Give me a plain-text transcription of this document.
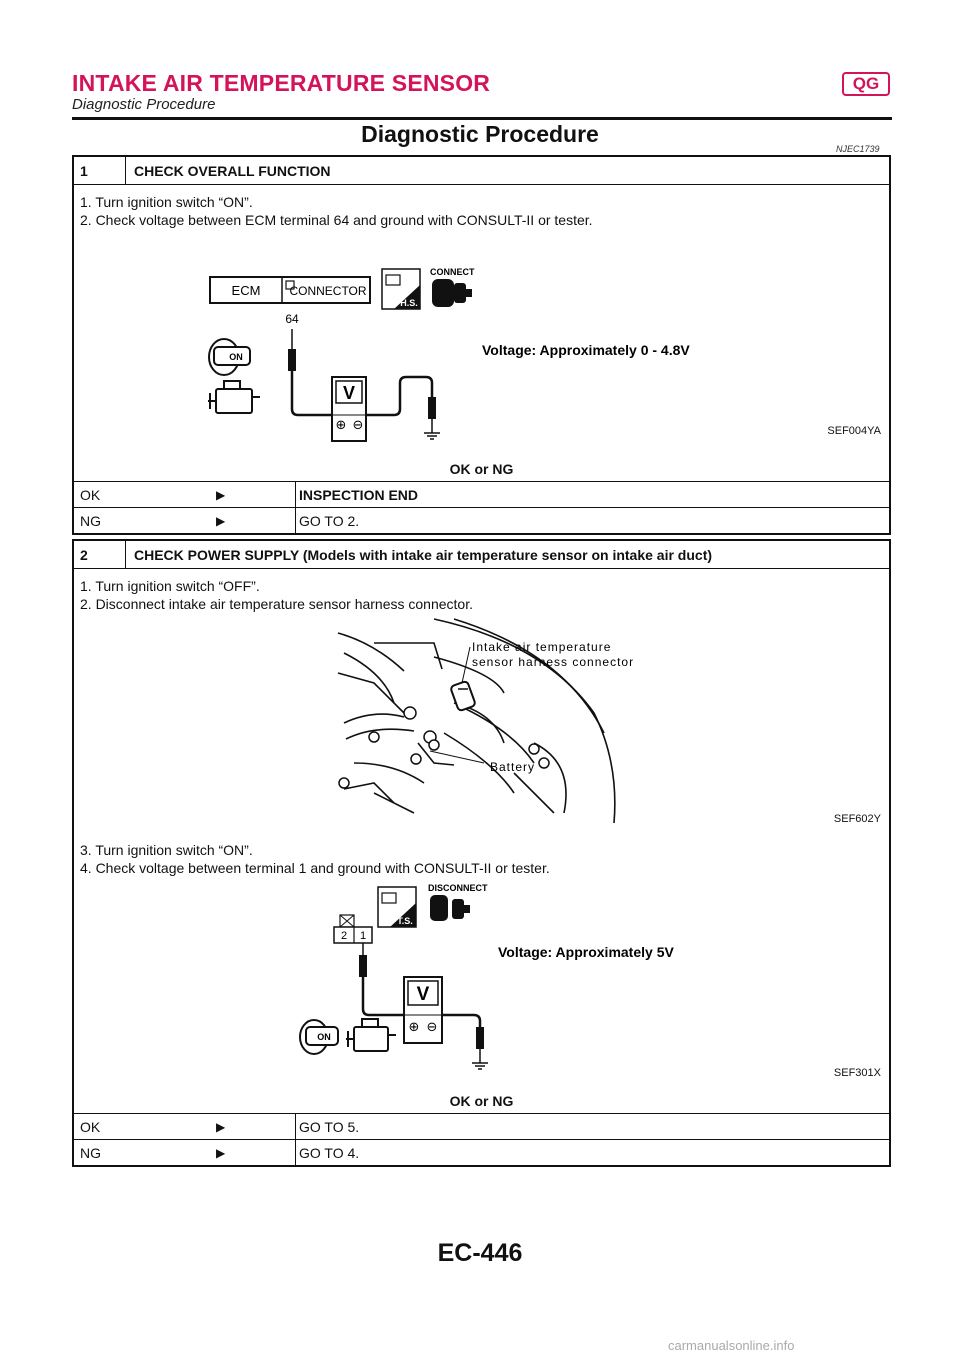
INTAKE AIR TEMPERATURE SENSOR	QG
Diagnostic Procedure
Diagnostic Procedure
NJEC1739
1	CHECK OVERALL FUNCTION
1. Turn ignition switch “ON”.
2. Check voltage between ECM terminal 64 and ground with CONSULT-II or tester.
ECM CONNECTOR
H.S.
CONNECT
64
V
⊕ ⊖
ON	Voltage: Approximately 0 - 4.8V
SEF004YA
OK or NG
OK	▶	INSPECTION END
NG	▶	GO TO 2.
2	CHECK POWER SUPPLY (Models with intake air temperature sensor on intake air duct)
1. Turn ignition switch “OFF”.
2. Disconnect intake air temperature sensor harness connector.
Intake air temperature
sensor harness connector
Battery
SEF602Y
3. Turn ignition switch “ON”.
4. Check voltage between terminal 1 and ground with CONSULT-II or tester.
T.S.
DISCONNECT
2 1
V
⊕ ⊖
ON
Voltage: Approximately 5V
SEF301X
OK or NG
OK	▶	GO TO 5.
NG	▶	GO TO 4.
EC-446
carmanualsonline.info
